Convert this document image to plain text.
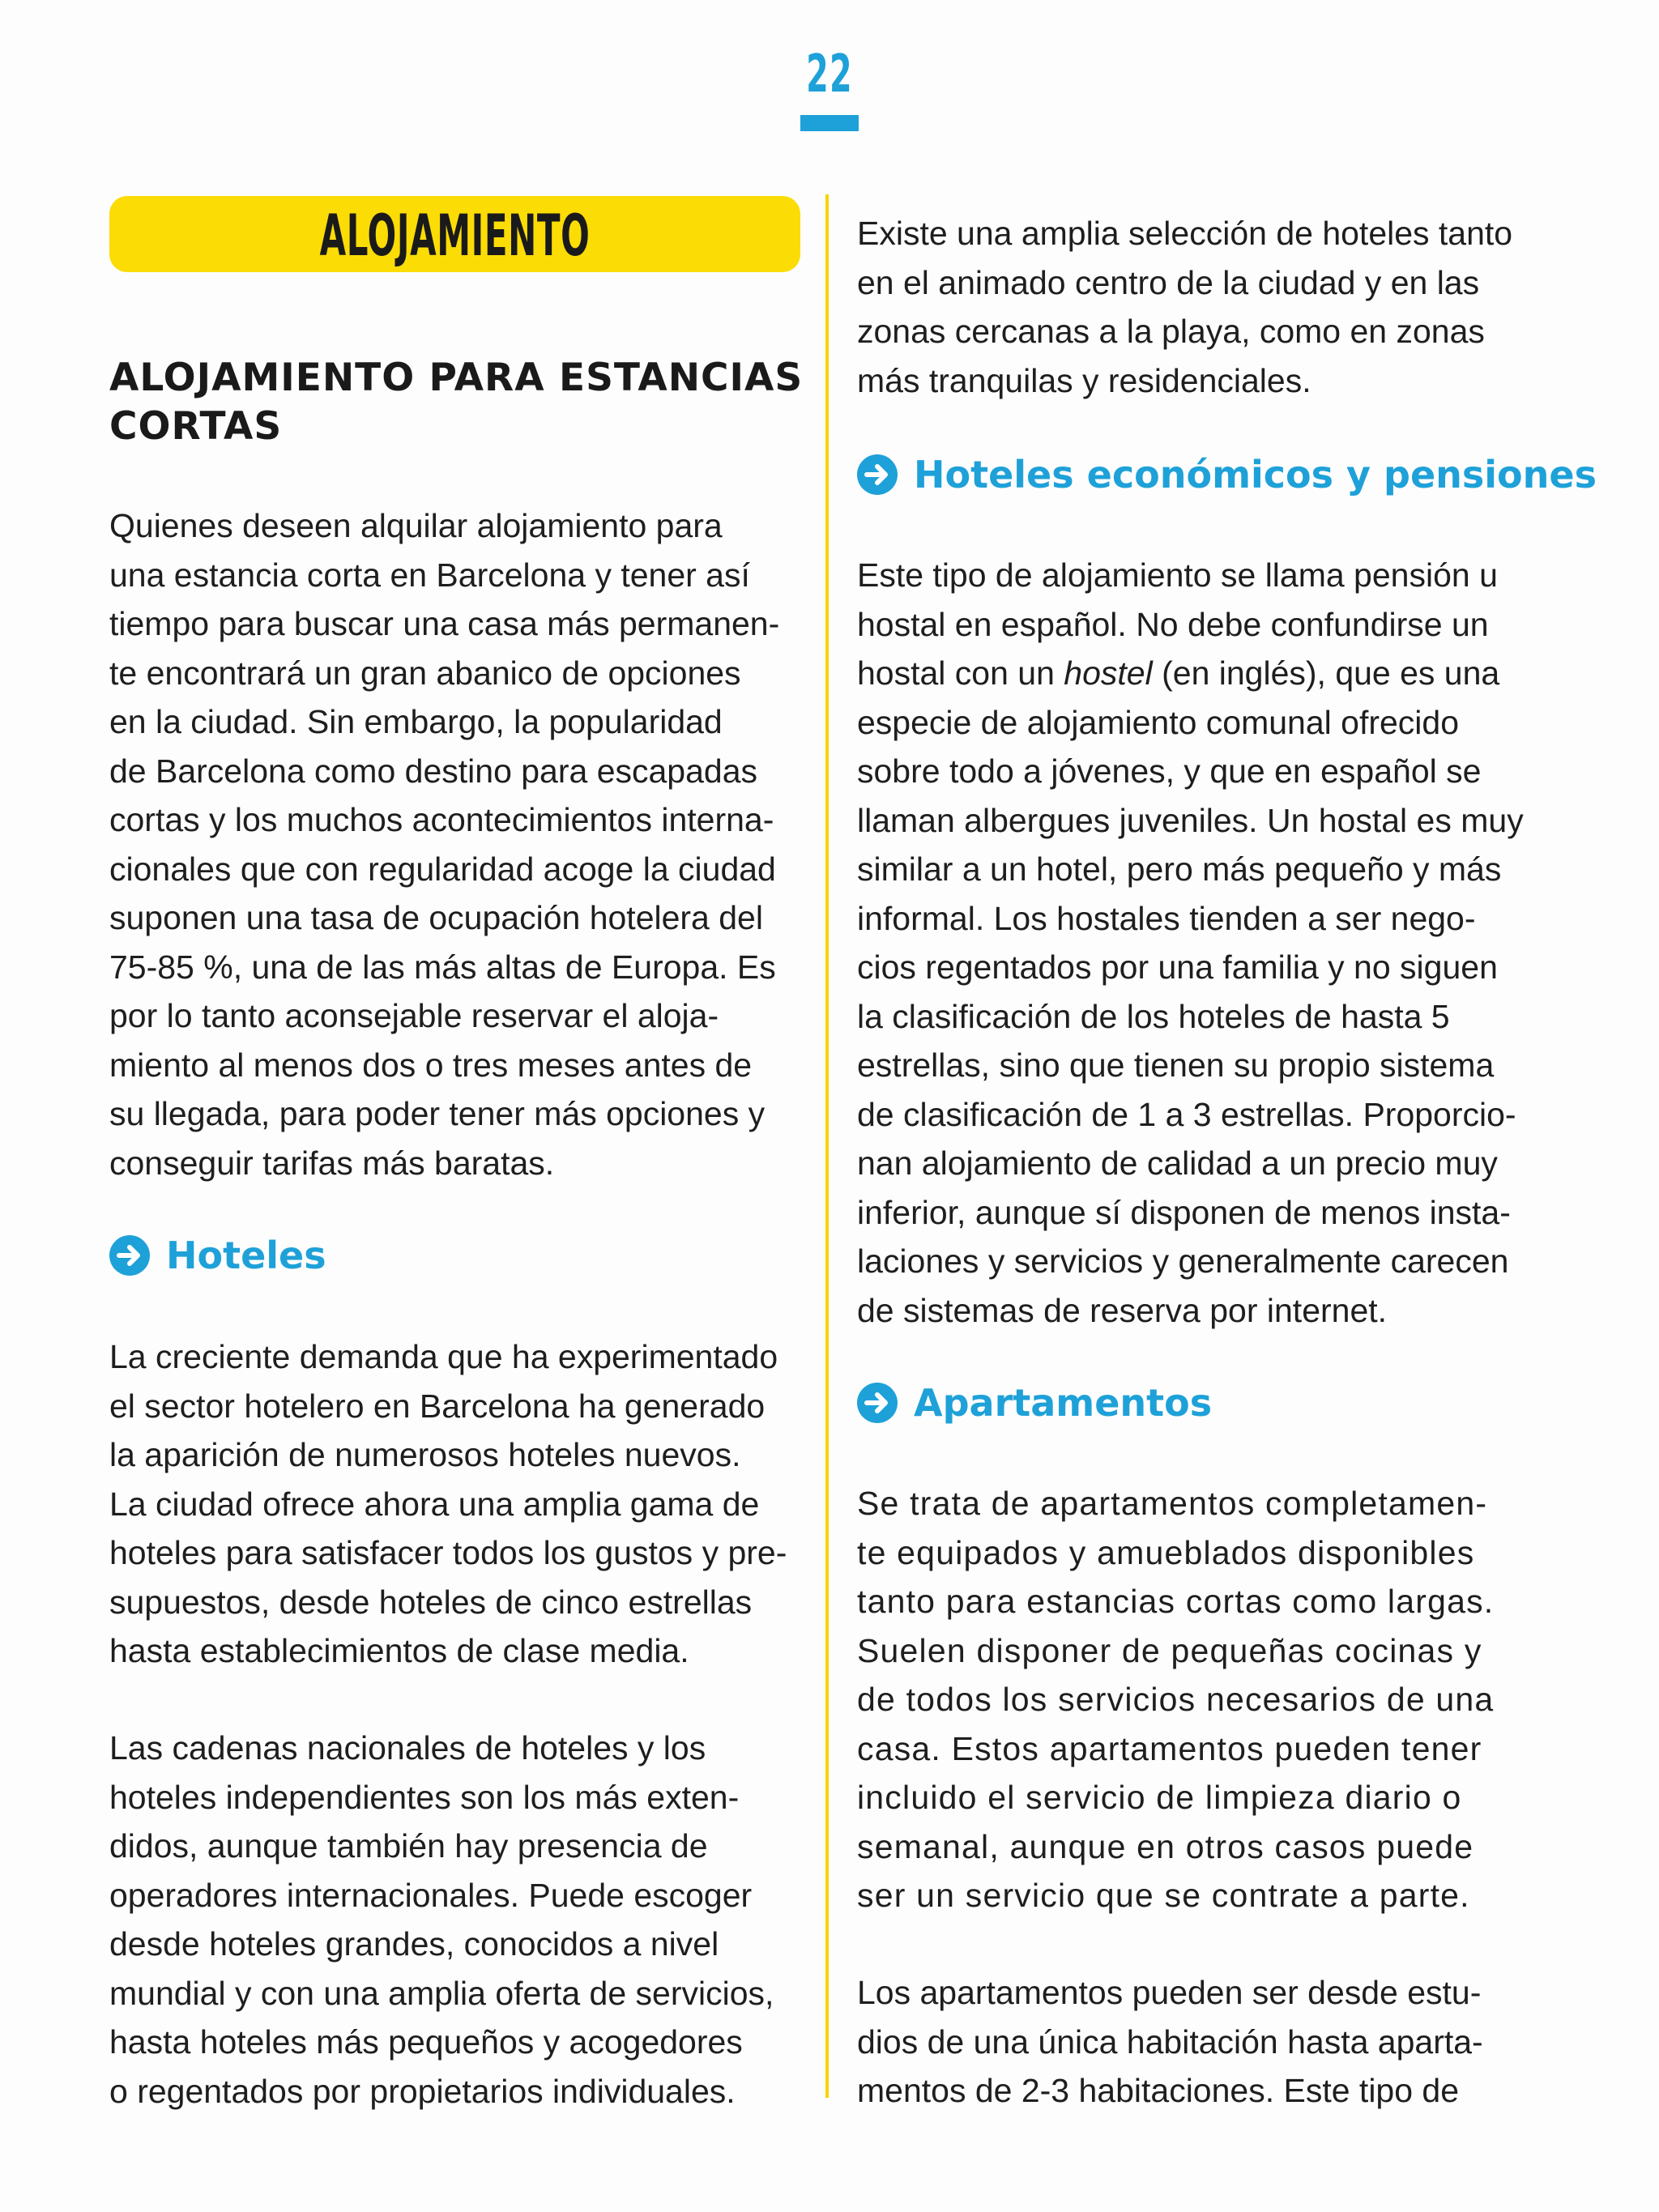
22
ALOJAMIENTO
ALOJAMIENTO PARA ESTANCIAS
CORTAS
Quienes deseen alquilar alojamiento para
una estancia corta en Barcelona y tener así
tiempo para buscar una casa más permanen-
te encontrará un gran abanico de opciones
en la ciudad. Sin embargo, la popularidad
de Barcelona como destino para escapadas
cortas y los muchos acontecimientos interna-
cionales que con regularidad acoge la ciudad
suponen una tasa de ocupación hotelera del
75-85 %, una de las más altas de Europa. Es
por lo tanto aconsejable reservar el aloja-
miento al menos dos o tres meses antes de
su llegada, para poder tener más opciones y
conseguir tarifas más baratas.
Hoteles
La creciente demanda que ha experimentado
el sector hotelero en Barcelona ha generado
la aparición de numerosos hoteles nuevos.
La ciudad ofrece ahora una amplia gama de
hoteles para satisfacer todos los gustos y pre-
supuestos, desde hoteles de cinco estrellas
hasta establecimientos de clase media.
Las cadenas nacionales de hoteles y los
hoteles independientes son los más exten-
didos, aunque también hay presencia de
operadores internacionales. Puede escoger
desde hoteles grandes, conocidos a nivel
mundial y con una amplia oferta de servicios,
hasta hoteles más pequeños y acogedores
o regentados por propietarios individuales.
Existe una amplia selección de hoteles tanto
en el animado centro de la ciudad y en las
zonas cercanas a la playa, como en zonas
más tranquilas y residenciales.
Hoteles económicos y pensiones
Este tipo de alojamiento se llama pensión u
hostal en español. No debe confundirse un
hostal con un hostel (en inglés), que es una
especie de alojamiento comunal ofrecido
sobre todo a jóvenes, y que en español se
llaman albergues juveniles. Un hostal es muy
similar a un hotel, pero más pequeño y más
informal. Los hostales tienden a ser nego-
cios regentados por una familia y no siguen
la clasificación de los hoteles de hasta 5
estrellas, sino que tienen su propio sistema
de clasificación de 1 a 3 estrellas. Proporcio-
nan alojamiento de calidad a un precio muy
inferior, aunque sí disponen de menos insta-
laciones y servicios y generalmente carecen
de sistemas de reserva por internet.
Apartamentos
Se trata de apartamentos completamen-
te equipados y amueblados disponibles
tanto para estancias cortas como largas.
Suelen disponer de pequeñas cocinas y
de todos los servicios necesarios de una
casa. Estos apartamentos pueden tener
incluido el servicio de limpieza diario o
semanal, aunque en otros casos puede
ser un servicio que se contrate a parte.
Los apartamentos pueden ser desde estu-
dios de una única habitación hasta aparta-
mentos de 2-3 habitaciones. Este tipo de
